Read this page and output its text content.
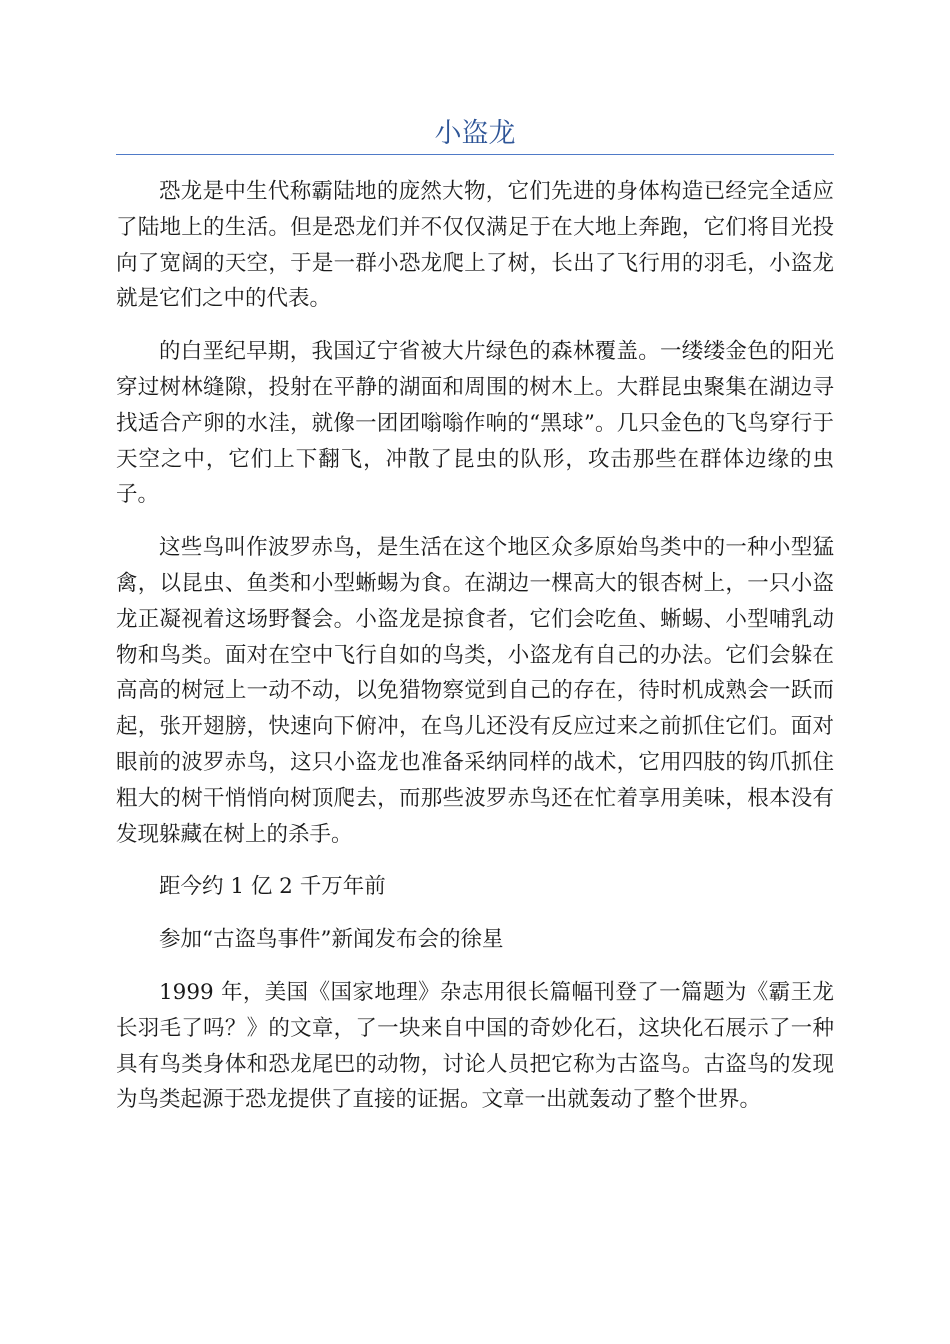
小盗龙

恐龙是中生代称霸陆地的庞然大物，它们先进的身体构造已经完全适应了陆地上的生活。但是恐龙们并不仅仅满足于在大地上奔跑，它们将目光投向了宽阔的天空，于是一群小恐龙爬上了树，长出了飞行用的羽毛，小盗龙就是它们之中的代表。

的白垩纪早期，我国辽宁省被大片绿色的森林覆盖。一缕缕金色的阳光穿过树林缝隙，投射在平静的湖面和周围的树木上。大群昆虫聚集在湖边寻找适合产卵的水洼，就像一团团嗡嗡作响的“黑球”。几只金色的飞鸟穿行于天空之中，它们上下翻飞，冲散了昆虫的队形，攻击那些在群体边缘的虫子。

这些鸟叫作波罗赤鸟，是生活在这个地区众多原始鸟类中的一种小型猛禽，以昆虫、鱼类和小型蜥蜴为食。在湖边一棵高大的银杏树上，一只小盗龙正凝视着这场野餐会。小盗龙是掠食者，它们会吃鱼、蜥蜴、小型哺乳动物和鸟类。面对在空中飞行自如的鸟类，小盗龙有自己的办法。它们会躲在高高的树冠上一动不动，以免猎物察觉到自己的存在，待时机成熟会一跃而起，张开翅膀，快速向下俯冲，在鸟儿还没有反应过来之前抓住它们。面对眼前的波罗赤鸟，这只小盗龙也准备采纳同样的战术，它用四肢的钩爪抓住粗大的树干悄悄向树顶爬去，而那些波罗赤鸟还在忙着享用美味，根本没有发现躲藏在树上的杀手。

距今约 1 亿 2 千万年前

参加“古盗鸟事件”新闻发布会的徐星

1999 年，美国《国家地理》杂志用很长篇幅刊登了一篇题为《霸王龙长羽毛了吗？》的文章，了一块来自中国的奇妙化石，这块化石展示了一种具有鸟类身体和恐龙尾巴的动物，讨论人员把它称为古盗鸟。古盗鸟的发现为鸟类起源于恐龙提供了直接的证据。文章一出就轰动了整个世界。
